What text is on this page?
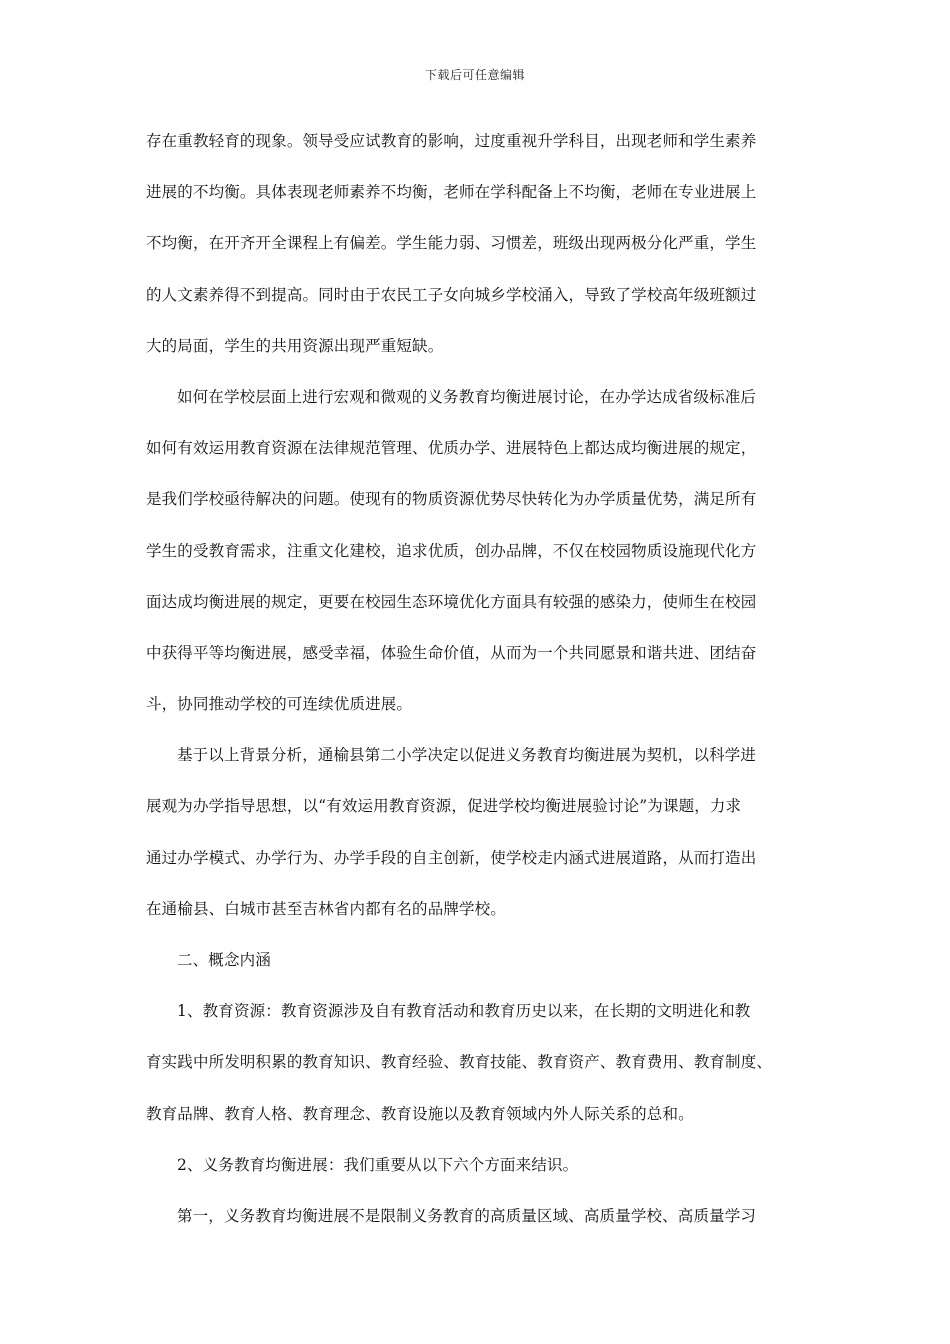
下载后可任意编辑
存在重教轻育的现象。领导受应试教育的影响，过度重视升学科目，出现老师和学生素养
进展的不均衡。具体表现老师素养不均衡，老师在学科配备上不均衡，老师在专业进展上
不均衡，在开齐开全课程上有偏差。学生能力弱、习惯差，班级出现两极分化严重，学生
的人文素养得不到提高。同时由于农民工子女向城乡学校涌入，导致了学校高年级班额过
大的局面，学生的共用资源出现严重短缺。
如何在学校层面上进行宏观和微观的义务教育均衡进展讨论，在办学达成省级标准后
如何有效运用教育资源在法律规范管理、优质办学、进展特色上都达成均衡进展的规定，
是我们学校亟待解决的问题。使现有的物质资源优势尽快转化为办学质量优势，满足所有
学生的受教育需求，注重文化建校，追求优质，创办品牌，不仅在校园物质设施现代化方
面达成均衡进展的规定，更要在校园生态环境优化方面具有较强的感染力，使师生在校园
中获得平等均衡进展，感受幸福，体验生命价值，从而为一个共同愿景和谐共进、团结奋
斗，协同推动学校的可连续优质进展。
基于以上背景分析，通榆县第二小学决定以促进义务教育均衡进展为契机，以科学进
展观为办学指导思想，以“有效运用教育资源，促进学校均衡进展验讨论”为课题，力求
通过办学模式、办学行为、办学手段的自主创新，使学校走内涵式进展道路，从而打造出
在通榆县、白城市甚至吉林省内都有名的品牌学校。
二、概念内涵
1、教育资源：教育资源涉及自有教育活动和教育历史以来，在长期的文明进化和教
育实践中所发明积累的教育知识、教育经验、教育技能、教育资产、教育费用、教育制度、
教育品牌、教育人格、教育理念、教育设施以及教育领域内外人际关系的总和。
2、义务教育均衡进展：我们重要从以下六个方面来结识。
第一，义务教育均衡进展不是限制义务教育的高质量区域、高质量学校、高质量学习
